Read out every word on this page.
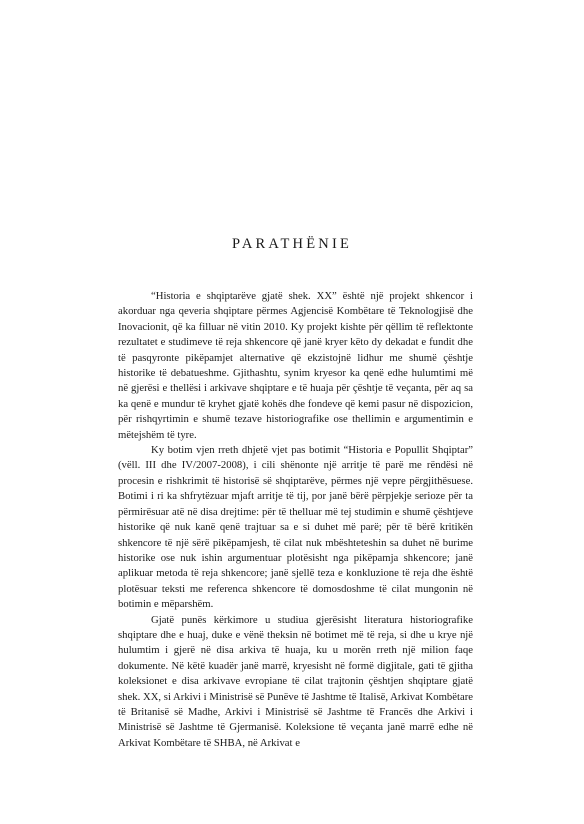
PARATHËNIE

“Historia e shqiptarëve gjatë shek. XX” është një projekt shkencor i akorduar nga qeveria shqiptare përmes Agjencisë Kombëtare të Teknologjisë dhe Inovacionit, që ka filluar në vitin 2010. Ky projekt kishte për qëllim të reflektonte rezultatet e studimeve të reja shkencore që janë kryer këto dy dekadat e fundit dhe të pasqyronte pikëpamjet alternative që ekzistojnë lidhur me shumë çështje historike të debatueshme. Gjithashtu, synim kryesor ka qenë edhe hulumtimi më në gjerësi e thellësi i arkivave shqiptare e të huaja për çështje të veçanta, për aq sa ka qenë e mundur të kryhet gjatë kohës dhe fondeve që kemi pasur në dispozicion, për rishqyrtimin e shumë tezave historiografike ose thellimin e argumentimin e mëtejshëm të tyre.

Ky botim vjen rreth dhjetë vjet pas botimit “Historia e Popullit Shqiptar” (vëll. III dhe IV/2007-2008), i cili shënonte një arritje të parë me rëndësi në procesin e rishkrimit të historisë së shqiptarëve, përmes një vepre përgjithësuese. Botimi i ri ka shfrytëzuar mjaft arritje të tij, por janë bërë përpjekje serioze për ta përmirësuar atë në disa drejtime: për të thelluar më tej studimin e shumë çështjeve historike që nuk kanë qenë trajtuar sa e si duhet më parë; për të bërë kritikën shkencore të një sërë pikëpamjesh, të cilat nuk mbështeteshin sa duhet në burime historike ose nuk ishin argumentuar plotësisht nga pikëpamja shkencore; janë aplikuar metoda të reja shkencore; janë sjellë teza e konkluzione të reja dhe është plotësuar teksti me referenca shkencore të domosdoshme të cilat mungonin në botimin e mëparshëm.

Gjatë punës kërkimore u studiua gjerësisht literatura historiografike shqiptare dhe e huaj, duke e vënë theksin në botimet më të reja, si dhe u krye një hulumtim i gjerë në disa arkiva të huaja, ku u morën rreth një milion faqe dokumente. Në këtë kuadër janë marrë, kryesisht në formë digjitale, gati të gjitha koleksionet e disa arkivave evropiane të cilat trajtonin çështjen shqiptare gjatë shek. XX, si Arkivi i Ministrisë së Punëve të Jashtme të Italisë, Arkivat Kombëtare të Britanisë së Madhe, Arkivi i Ministrisë së Jashtme të Francës dhe Arkivi i Ministrisë së Jashtme të Gjermanisë. Koleksione të veçanta janë marrë edhe në Arkivat Kombëtare të SHBA, në Arkivat e
